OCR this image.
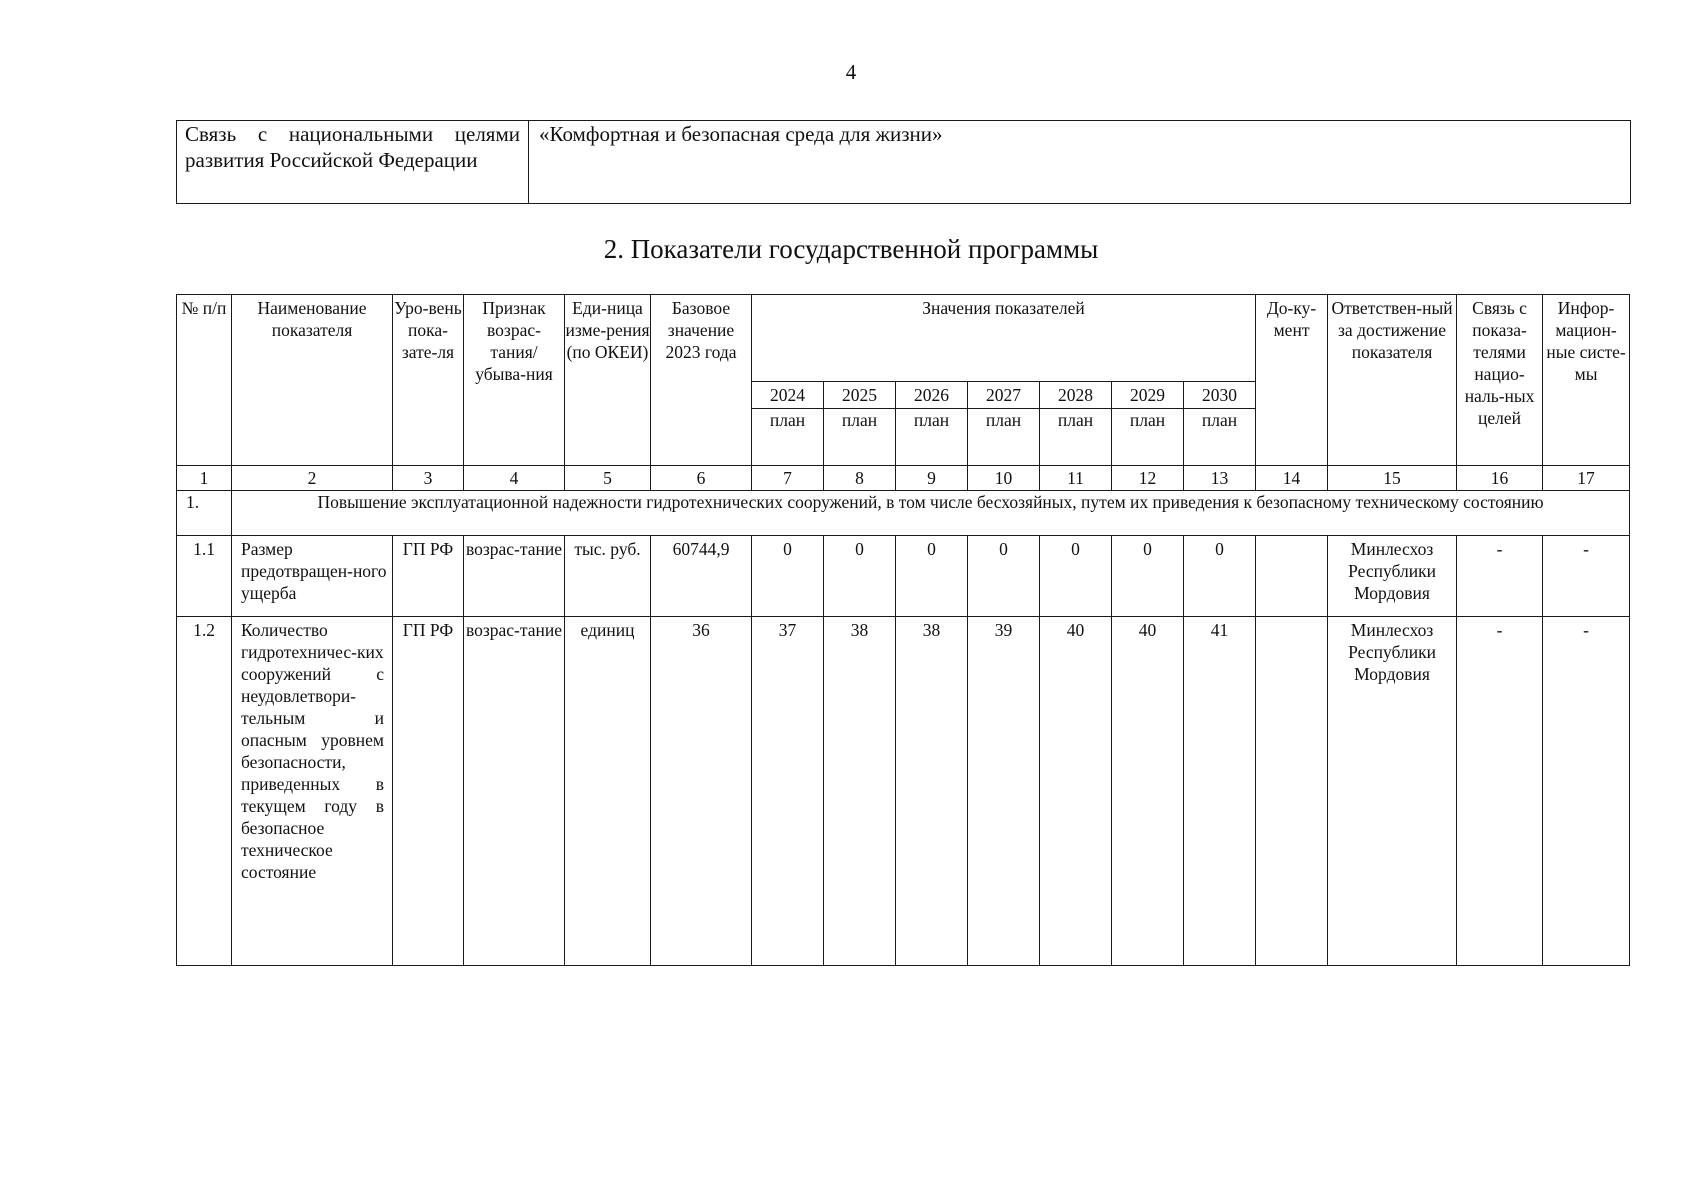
4
Связь с национальными целями развития Российской Федерации	«Комфортная и безопасная среда для жизни»
2. Показатели государственной программы
№ п/п	Наименование показателя	Уро-вень пока-зате-ля	Признак возрас-тания/ убыва-ния	Еди-ница изме-рения (по ОКЕИ)	Базовое значение 2023 года	Значения показателей							До-ку-мент	Ответствен-ный за достижение показателя	Связь с показа-телями нацио-наль-ных целей	Инфор-мацион-ные систе-мы
						2024	2025	2026	2027	2028	2029	2030				
						план	план	план	план	план	план	план				
1	2	3	4	5	6	7	8	9	10	11	12	13	14	15	16	17
1.	Повышение эксплуатационной надежности гидротехнических сооружений, в том числе бесхозяйных, путем их приведения к безопасному техническому состоянию															
1.1	Размер предотвращен-ного ущерба	ГП РФ	возрас-тание	тыс. руб.	60744,9	0	0	0	0	0	0	0		Минлесхоз Республики Мордовия	-	-
1.2	Количество гидротехничес-ких сооружений с неудовлетвори-тельным и опасным уровнем безопасности, приведенных в текущем году в безопасное техническое состояние	ГП РФ	возрас-тание	единиц	36	37	38	38	39	40	40	41		Минлесхоз Республики Мордовия	-	-
